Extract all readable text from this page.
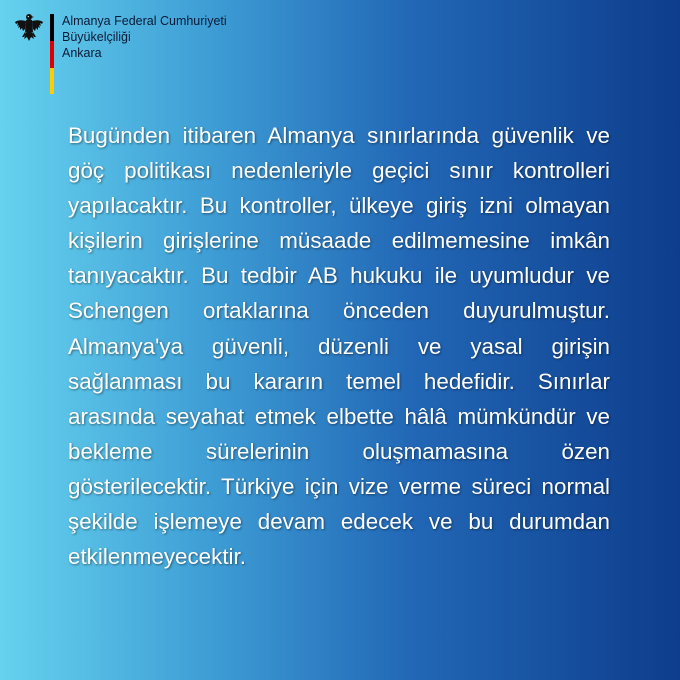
Almanya Federal Cumhuriyeti
Büyükelçiliği
Ankara

Bugünden itibaren Almanya sınırlarında güvenlik ve göç politikası nedenleriyle geçici sınır kontrolleri yapılacaktır. Bu kontroller, ülkeye giriş izni olmayan kişilerin girişlerine müsaade edilmemesine imkân tanıyacaktır. Bu tedbir AB hukuku ile uyumludur ve Schengen ortaklarına önceden duyurulmuştur. Almanya'ya güvenli, düzenli ve yasal girişin sağlanması bu kararın temel hedefidir. Sınırlar arasında seyahat etmek elbette hâlâ mümkündür ve bekleme sürelerinin oluşmamasına özen gösterilecektir. Türkiye için vize verme süreci normal şekilde işlemeye devam edecek ve bu durumdan etkilenmeyecektir.
